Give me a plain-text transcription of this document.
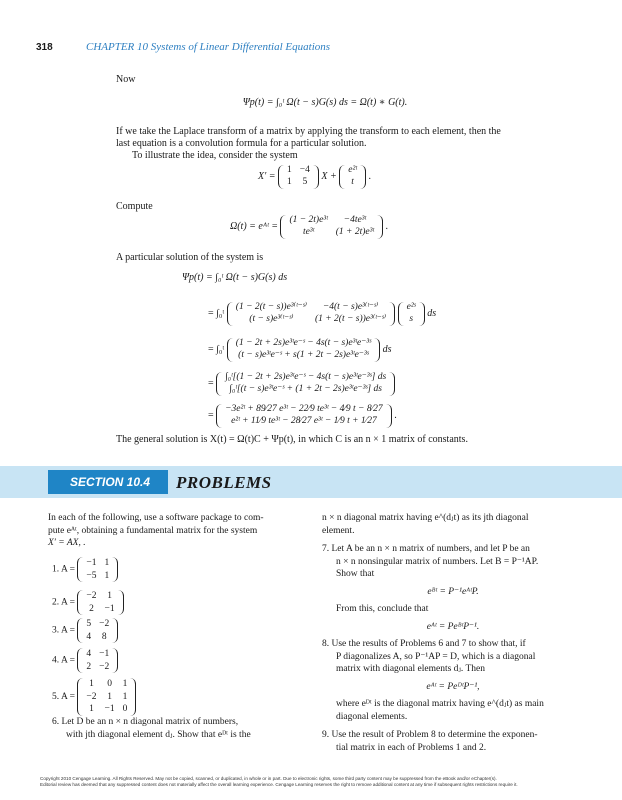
318	CHAPTER 10 Systems of Linear Differential Equations
Now
Ψp(t) = ∫₀ᵗ Ω(t − s)G(s) ds = Ω(t) ∗ G(t).
If we take the Laplace transform of a matrix by applying the transform to each element, then the
last equation is a convolution formula for a particular solution.
To illustrate the idea, consider the system
X′ =
1	−4
1	5 X +
e²ᵗ
t .
Compute
Ω(t) = eᴬᵗ =
(1 − 2t)e³ᵗ	−4te³ᵗ
te³ᵗ	(1 + 2t)e³ᵗ .
A particular solution of the system is
Ψp(t) = ∫₀ᵗ Ω(t − s)G(s) ds
= ∫₀ᵗ
(1 − 2(t − s))e³⁽ᵗ⁻ˢ⁾	−4(t − s)e³⁽ᵗ⁻ˢ⁾
(t − s)e³⁽ᵗ⁻ˢ⁾	(1 + 2(t − s))e³⁽ᵗ⁻ˢ⁾

e²ˢ
s ds
= ∫₀ᵗ
(1 − 2t + 2s)e³ᵗe⁻ˢ − 4s(t − s)e³ᵗe⁻³ˢ
(t − s)e³ᵗe⁻ˢ + s(1 + 2t − 2s)e³ᵗe⁻³ˢ ds
=
∫₀ᵗ[(1 − 2t + 2s)e³ᵗe⁻ˢ − 4s(t − s)e³ᵗe⁻³ˢ] ds
∫₀ᵗ[(t − s)e³ᵗe⁻ˢ + (1 + 2t − 2s)e³ᵗe⁻³ˢ] ds
=
−3e²ᵗ + 89⁄27 e³ᵗ − 22⁄9 te³ᵗ − 4⁄9 t − 8⁄27
e²ᵗ + 11⁄9 te³ᵗ − 28⁄27 e³ᵗ − 1⁄9 t + 1⁄27 .
The general solution is X(t) = Ω(t)C + Ψp(t), in which C is an n × 1 matrix of constants.
SECTION 10.4 PROBLEMS
In each of the following, use a software package to com-
pute eᴬᵗ, obtaining a fundamental matrix for the system
X′ = AX, .
1. A =
−1	1
−5	1
2. A =
−2	1
2	−1
3. A =
5	−2
4	8
4. A =
4	−1
2	−2
5. A =
1	0	1
−2	1	1
1	−1	0
6. Let D be an n × n diagonal matrix of numbers,
with jth diagonal element dⱼ. Show that eᴰᵗ is the
n × n diagonal matrix having e^(dⱼt) as its jth diagonal
element.
7. Let A be an n × n matrix of numbers, and let P be an
n × n nonsingular matrix of numbers. Let B = P⁻¹AP.
Show that
eᴮᵗ = P⁻¹eᴬᵗP.
From this, conclude that
eᴬᵗ = PeᴮᵗP⁻¹.
8. Use the results of Problems 6 and 7 to show that, if
P diagonalizes A, so P⁻¹AP = D, which is a diagonal
matrix with diagonal elements dⱼ. Then
eᴬᵗ = PeᴰᵗP⁻¹,
where eᴰᵗ is the diagonal matrix having e^(dⱼt) as main
diagonal elements.
9. Use the result of Problem 8 to determine the exponen-
tial matrix in each of Problems 1 and 2.
Copyright 2010 Cengage Learning. All Rights Reserved. May not be copied, scanned, or duplicated, in whole or in part. Due to electronic rights, some third party content may be suppressed from the eBook and/or eChapter(s).
Editorial review has deemed that any suppressed content does not materially affect the overall learning experience. Cengage Learning reserves the right to remove additional content at any time if subsequent rights restrictions require it.
